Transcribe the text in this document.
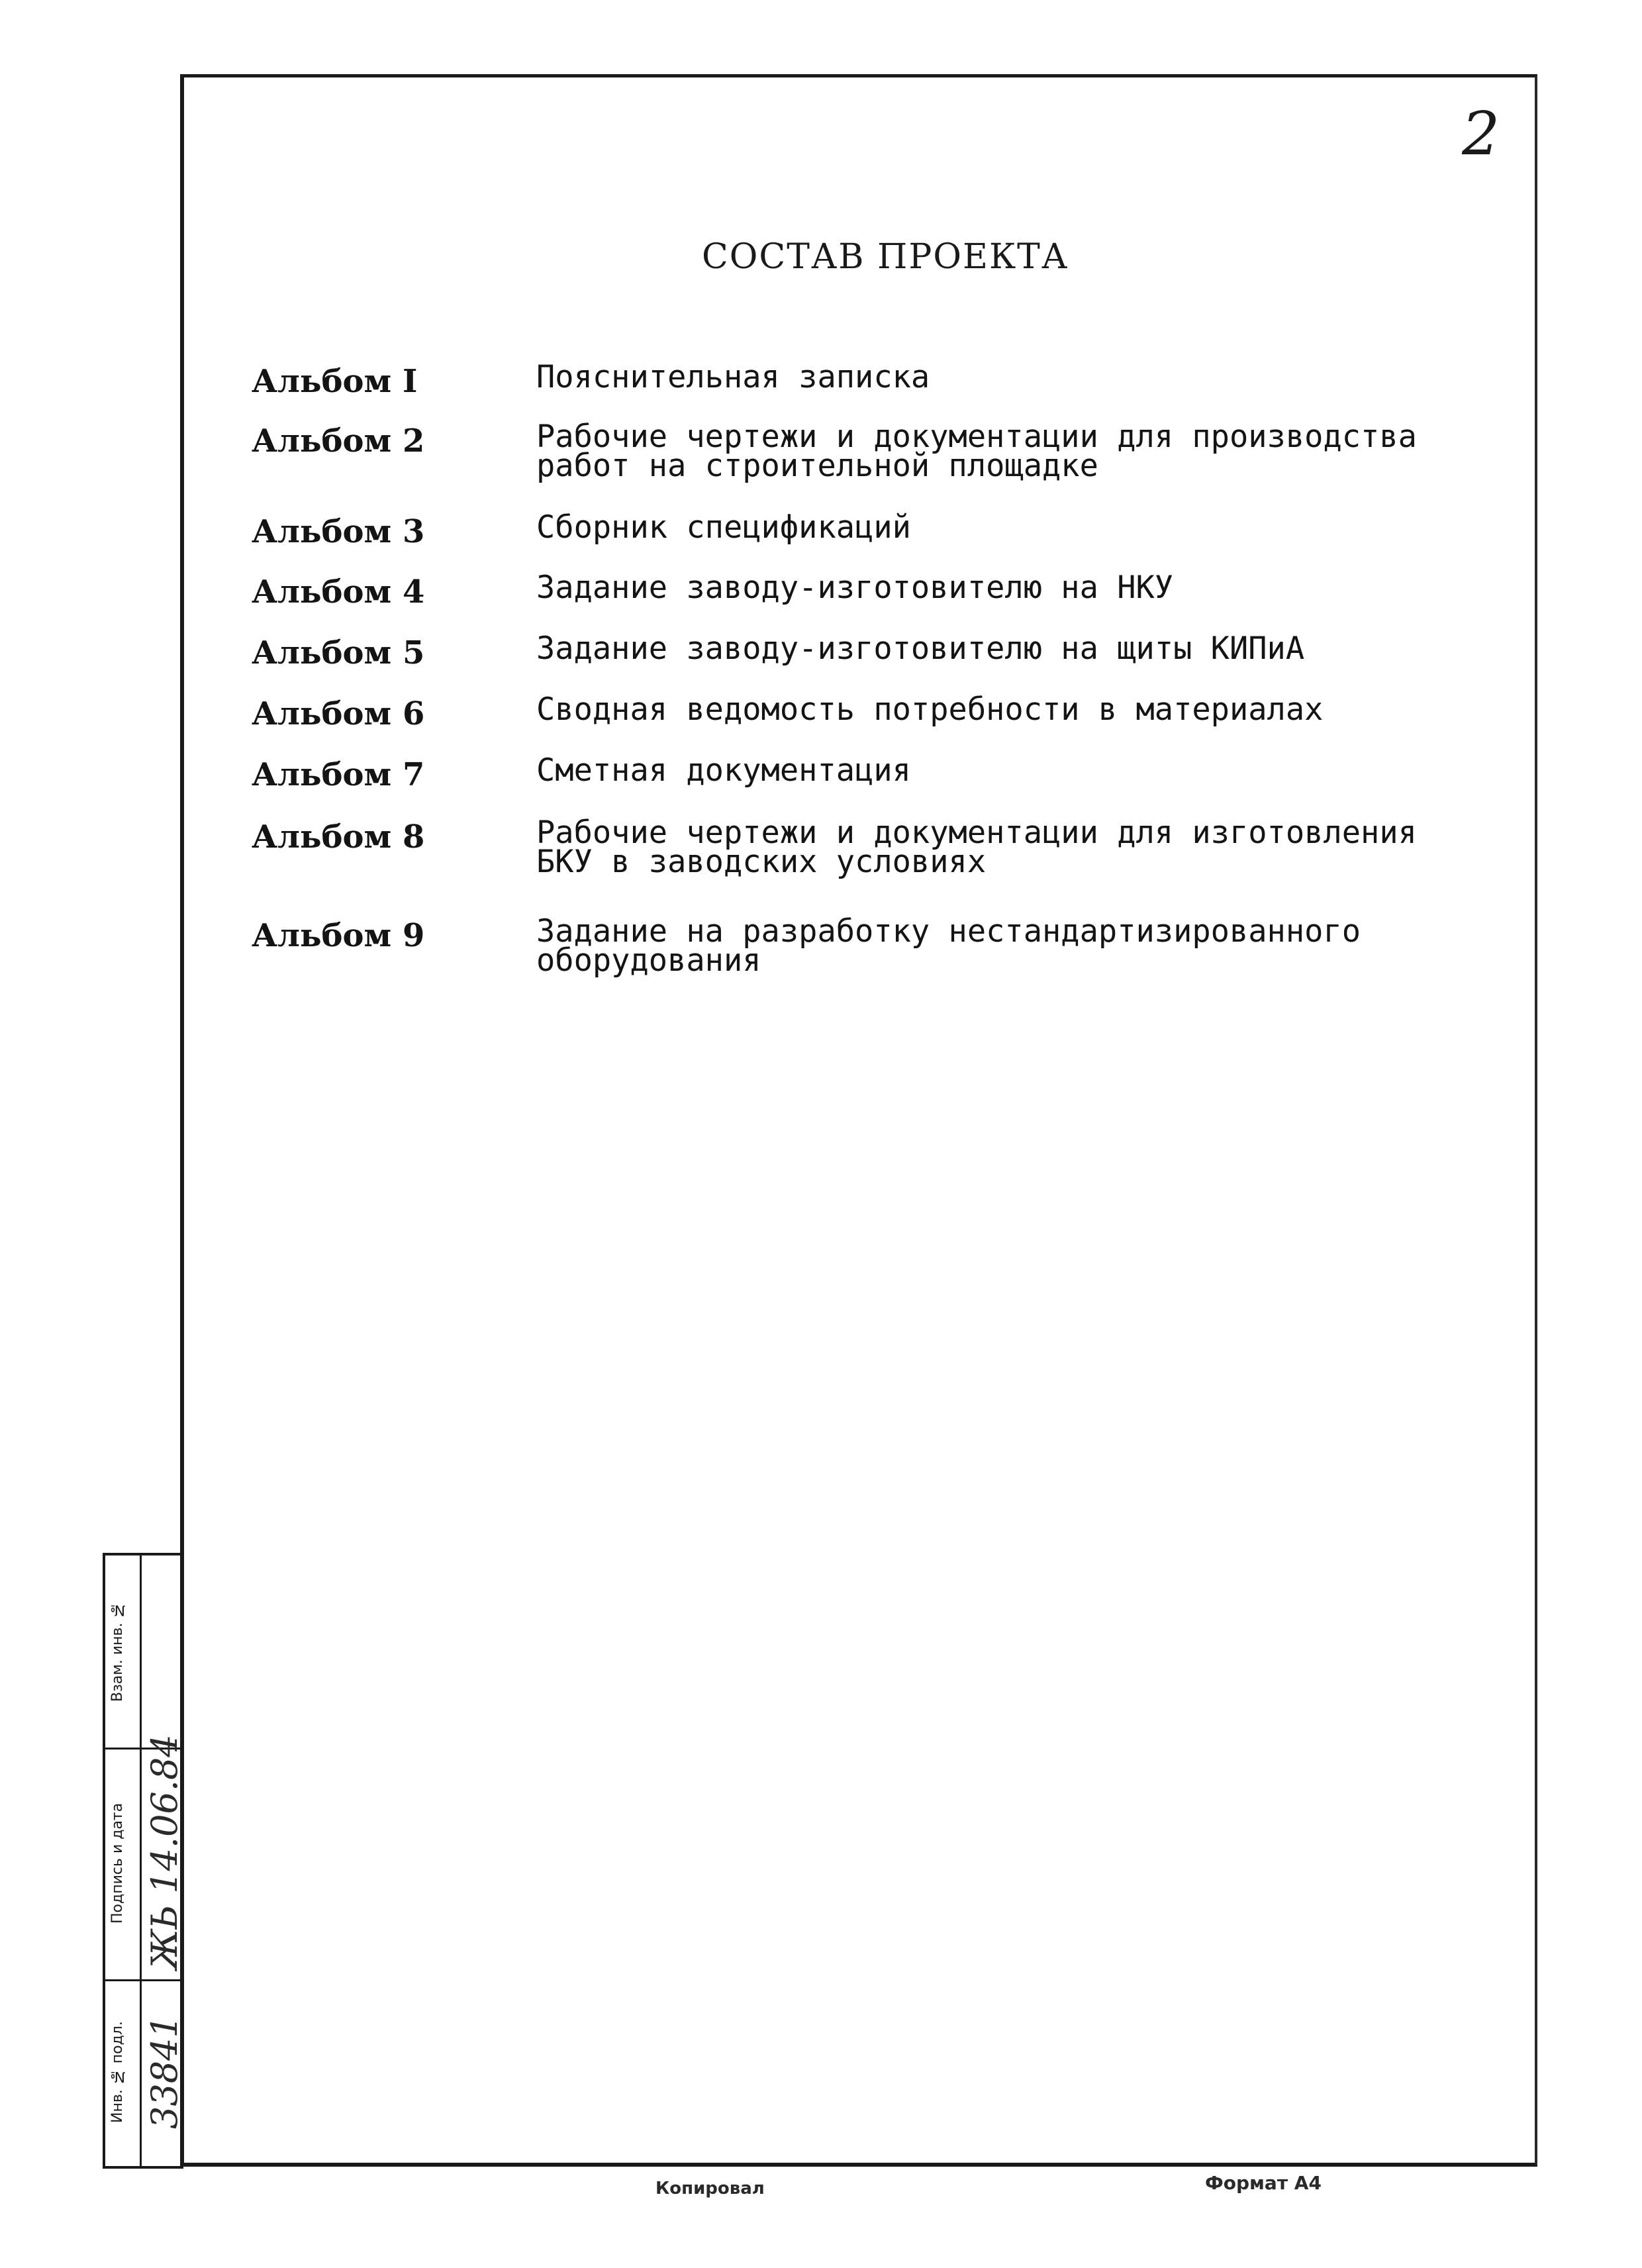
2
СОСТАВ ПРОЕКТА
Альбом I	Пояснительная записка
Альбом 2	Рабочие чертежи и документации для производства
работ на строительной площадке
Альбом 3	Сборник спецификаций
Альбом 4	Задание заводу-изготовителю на НКУ
Альбом 5	Задание заводу-изготовителю на щиты КИПиА
Альбом 6	Сводная ведомость потребности в материалах
Альбом 7	Сметная документация
Альбом 8	Рабочие чертежи и документации для изготовления
БКУ в заводских условиях
Альбом 9	Задание на разработку нестандартизированного
оборудования
Взам. инв. №
Подпись и дата ЖЬ 14.06.84
Инв. № подл. 33841
Копировал	Формат А4
